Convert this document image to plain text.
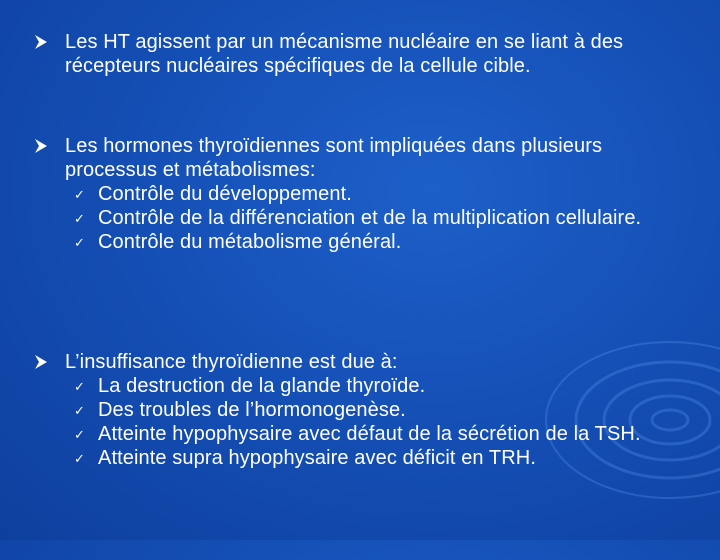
Les HT agissent par un mécanisme nucléaire en se liant à des récepteurs nucléaires spécifiques de la cellule cible.
Les hormones thyroïdiennes sont impliquées dans plusieurs processus et métabolismes:
✓ Contrôle du développement.
✓ Contrôle de la différenciation et de la multiplication cellulaire.
✓ Contrôle du métabolisme général.
L’insuffisance thyroïdienne est due à:
✓ La destruction de la glande thyroïde.
✓ Des troubles de l’hormonogenèse.
✓ Atteinte hypophysaire avec défaut de la sécrétion de la TSH.
✓ Atteinte supra hypophysaire avec déficit en TRH.
